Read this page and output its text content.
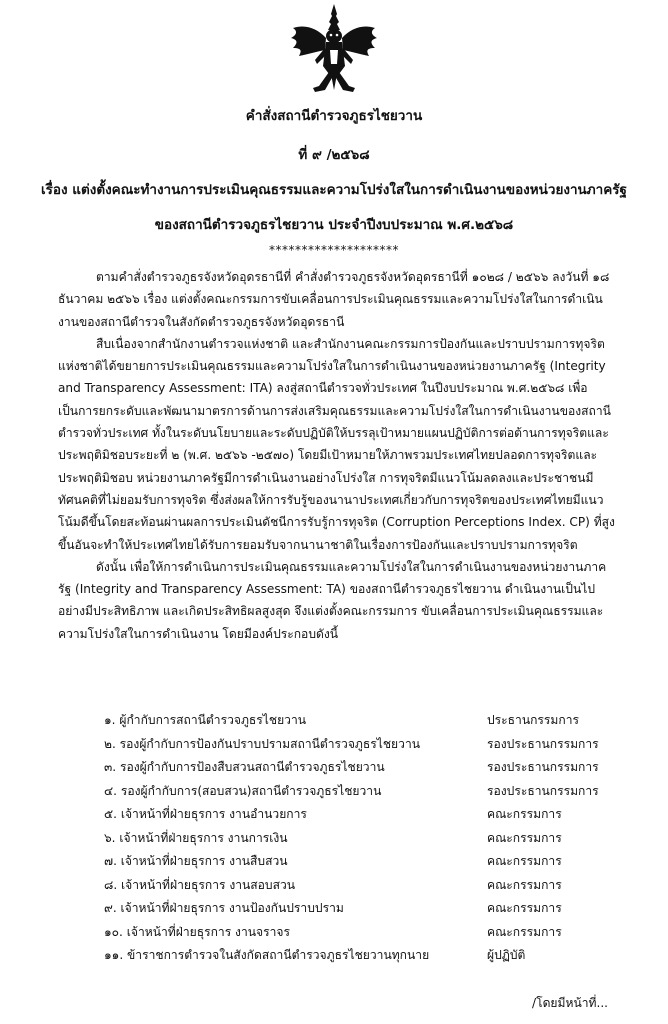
คำสั่งสถานีตำรวจภูธรไชยวาน
ที่ ๙ /๒๕๖๘
เรื่อง แต่งตั้งคณะทำงานการประเมินคุณธรรมและความโปร่งใสในการดำเนินงานของหน่วยงานภาครัฐ
ของสถานีตำรวจภูธรไชยวาน ประจำปีงบประมาณ พ.ศ.๒๕๖๘
********************

ตามคำสั่งตำรวจภูธรจังหวัดอุดรธานีที่ คำสั่งตำรวจภูธรจังหวัดอุดรธานีที่ ๑๐๒๘ / ๒๕๖๖ ลงวันที่ ๑๘ ธันวาคม ๒๕๖๖ เรื่อง แต่งตั้งคณะกรรมการขับเคลื่อนการประเมินคุณธรรมและความโปร่งใสในการดำเนินงานของสถานีตำรวจในสังกัดตำรวจภูธรจังหวัดอุดรธานี

สืบเนื่องจากสำนักงานตำรวจแห่งชาติ และสำนักงานคณะกรรมการป้องกันและปราบปรามการทุจริตแห่งชาติได้ขยายการประเมินคุณธรรมและความโปร่งใสในการดำเนินงานของหน่วยงานภาครัฐ (Integrity and Transparency Assessment: ITA) ลงสู่สถานีตำรวจทั่วประเทศ ในปีงบประมาณ พ.ศ.๒๕๖๘ เพื่อเป็นการยกระดับและพัฒนามาตรการด้านการส่งเสริมคุณธรรมและความโปร่งใสในการดำเนินงานของสถานีตำรวจทั่วประเทศ ทั้งในระดับนโยบายและระดับปฏิบัติให้บรรลุเป้าหมายแผนปฏิบัติการต่อต้านการทุจริตและประพฤติมิชอบระยะที่ ๒ (พ.ศ. ๒๕๖๖ -๒๕๗๐) โดยมีเป้าหมายให้ภาพรวมประเทศไทยปลอดการทุจริตและประพฤติมิชอบ หน่วยงานภาครัฐมีการดำเนินงานอย่างโปร่งใส การทุจริตมีแนวโน้มลดลงและประชาชนมีทัศนคติที่ไม่ยอมรับการทุจริต ซึ่งส่งผลให้การรับรู้ของนานาประเทศเกี่ยวกับการทุจริตของประเทศไทยมีแนวโน้มดีขึ้นโดยสะท้อนผ่านผลการประเมินดัชนีการรับรู้การทุจริต (Corruption Perceptions Index. CP) ที่สูงขึ้นอันจะทำให้ประเทศไทยได้รับการยอมรับจากนานาชาติในเรื่องการป้องกันและปราบปรามการทุจริต

ดังนั้น เพื่อให้การดำเนินการประเมินคุณธรรมและความโปร่งใสในการดำเนินงานของหน่วยงานภาครัฐ (Integrity and Transparency Assessment: TA) ของสถานีตำรวจภูธรไชยวาน ดำเนินงานเป็นไปอย่างมีประสิทธิภาพ และเกิดประสิทธิผลสูงสุด จึงแต่งตั้งคณะกรรมการ ขับเคลื่อนการประเมินคุณธรรมและความโปร่งใสในการดำเนินงาน โดยมีองค์ประกอบดังนี้

๑. ผู้กำกับการสถานีตำรวจภูธรไชยวาน	ประธานกรรมการ
๒. รองผู้กำกับการป้องกันปราบปรามสถานีตำรวจภูธรไชยวาน	รองประธานกรรมการ
๓. รองผู้กำกับการป้องสืบสวนสถานีตำรวจภูธรไชยวาน	รองประธานกรรมการ
๔. รองผู้กำกับการ(สอบสวน)สถานีตำรวจภูธรไชยวาน	รองประธานกรรมการ
๕. เจ้าหน้าที่ฝ่ายธุรการ งานอำนวยการ	คณะกรรมการ
๖. เจ้าหน้าที่ฝ่ายธุรการ งานการเงิน	คณะกรรมการ
๗. เจ้าหน้าที่ฝ่ายธุรการ งานสืบสวน	คณะกรรมการ
๘. เจ้าหน้าที่ฝ่ายธุรการ งานสอบสวน	คณะกรรมการ
๙. เจ้าหน้าที่ฝ่ายธุรการ งานป้องกันปราบปราม	คณะกรรมการ
๑๐. เจ้าหน้าที่ฝ่ายธุรการ งานจราจร	คณะกรรมการ
๑๑. ข้าราชการตำรวจในสังกัดสถานีตำรวจภูธรไชยวานทุกนาย	ผู้ปฏิบัติ
/โดยมีหน้าที่...
